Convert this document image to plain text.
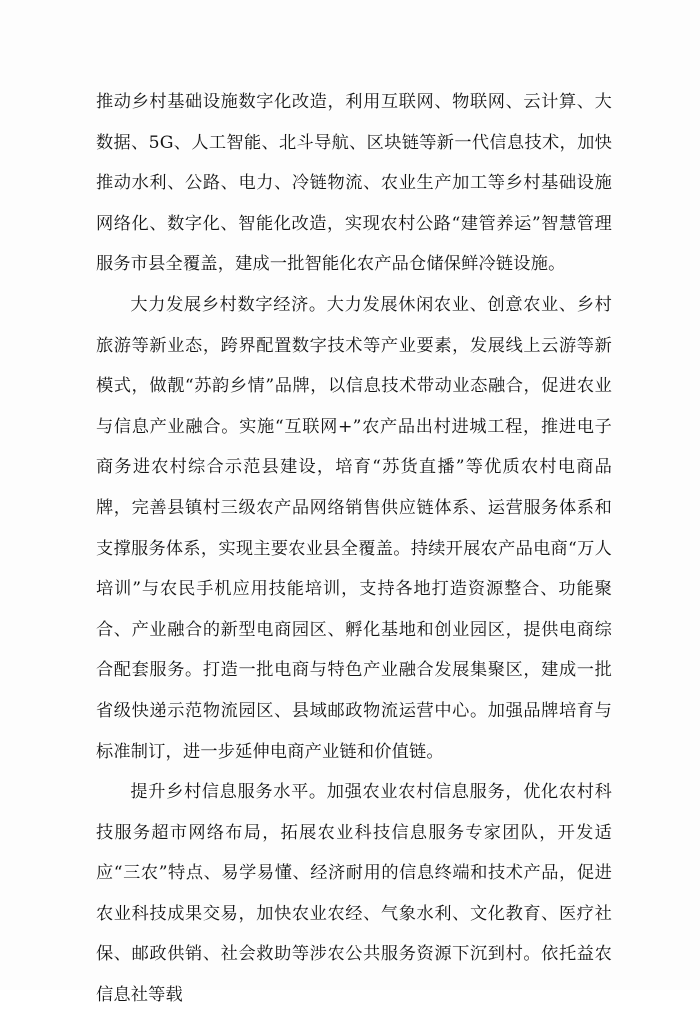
推动乡村基础设施数字化改造，利用互联网、物联网、云计算、大数据、5G、人工智能、北斗导航、区块链等新一代信息技术，加快推动水利、公路、电力、冷链物流、农业生产加工等乡村基础设施网络化、数字化、智能化改造，实现农村公路“建管养运”智慧管理服务市县全覆盖，建成一批智能化农产品仓储保鲜冷链设施。

大力发展乡村数字经济。大力发展休闲农业、创意农业、乡村旅游等新业态，跨界配置数字技术等产业要素，发展线上云游等新模式，做靓“苏韵乡情”品牌，以信息技术带动业态融合，促进农业与信息产业融合。实施“互联网+”农产品出村进城工程，推进电子商务进农村综合示范县建设，培育“苏货直播”等优质农村电商品牌，完善县镇村三级农产品网络销售供应链体系、运营服务体系和支撑服务体系，实现主要农业县全覆盖。持续开展农产品电商“万人培训”与农民手机应用技能培训，支持各地打造资源整合、功能聚合、产业融合的新型电商园区、孵化基地和创业园区，提供电商综合配套服务。打造一批电商与特色产业融合发展集聚区，建成一批省级快递示范物流园区、县域邮政物流运营中心。加强品牌培育与标准制订，进一步延伸电商产业链和价值链。

提升乡村信息服务水平。加强农业农村信息服务，优化农村科技服务超市网络布局，拓展农业科技信息服务专家团队，开发适应“三农”特点、易学易懂、经济耐用的信息终端和技术产品，促进农业科技成果交易，加快农业农经、气象水利、文化教育、医疗社保、邮政供销、社会救助等涉农公共服务资源下沉到村。依托益农信息社等载
